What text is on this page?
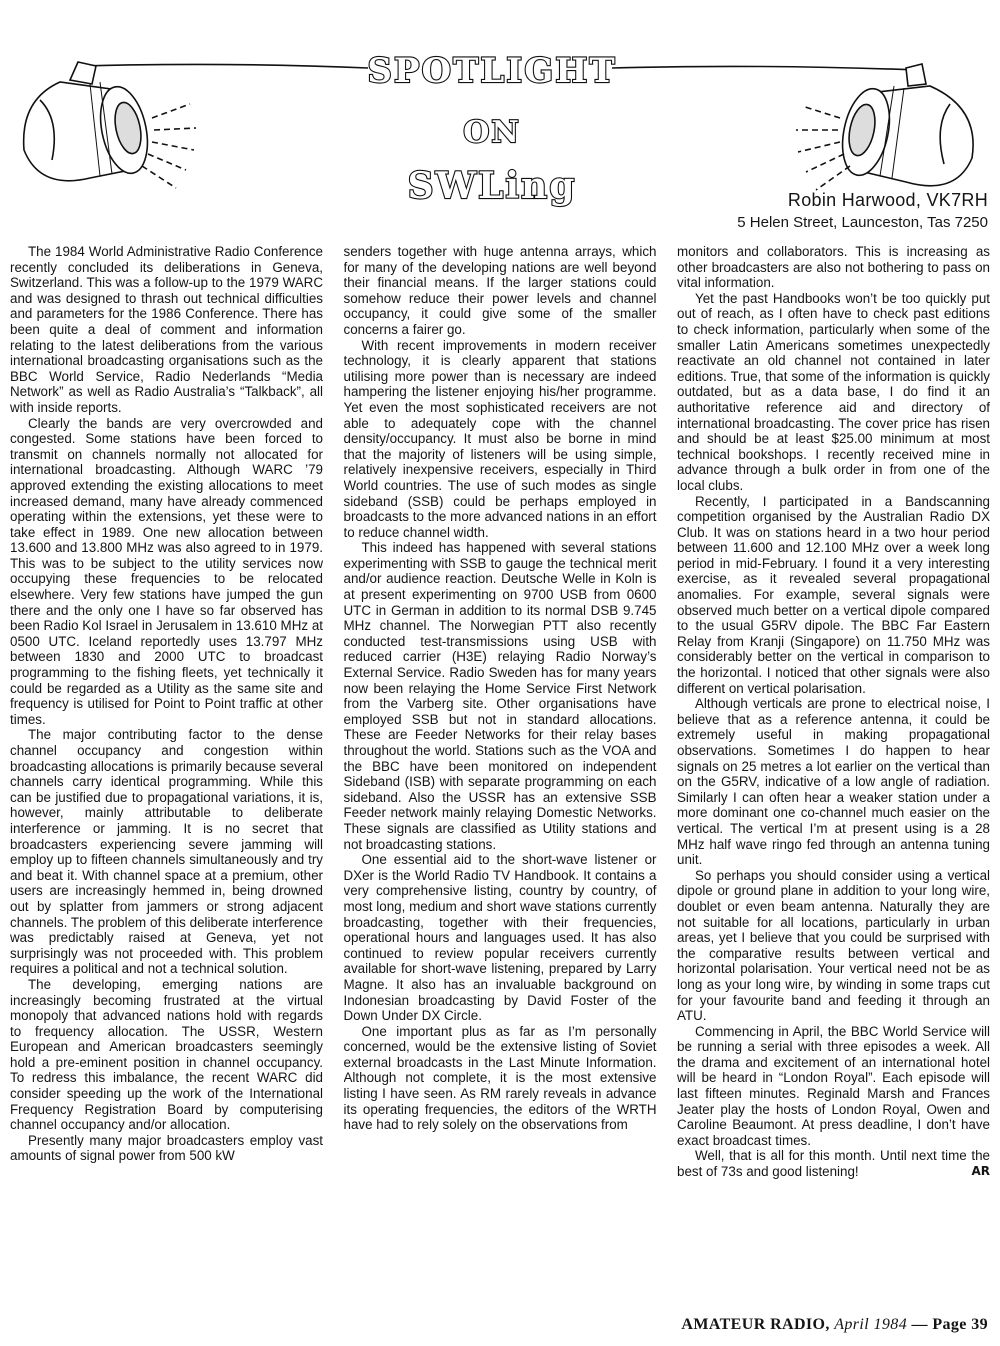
SPOTLIGHT
ON
SWLing	Robin Harwood, VK7RH
5 Helen Street, Launceston, Tas 7250

The 1984 World Administrative Radio Conference recently concluded its deliberations in Geneva, Switzerland. This was a follow-up to the 1979 WARC and was designed to thrash out technical difficulties and parameters for the 1986 Conference. There has been quite a deal of comment and information relating to the latest deliberations from the various international broadcasting organisations such as the BBC World Service, Radio Nederlands “Media Network” as well as Radio Australia’s “Talkback”, all with inside reports.

Clearly the bands are very overcrowded and congested. Some stations have been forced to transmit on channels normally not allocated for international broadcasting. Although WARC ’79 approved extending the existing allocations to meet increased demand, many have already commenced operating within the extensions, yet these were to take effect in 1989. One new allocation between 13.600 and 13.800 MHz was also agreed to in 1979. This was to be subject to the utility services now occupying these frequencies to be relocated elsewhere. Very few stations have jumped the gun there and the only one I have so far observed has been Radio Kol Israel in Jerusalem in 13.610 MHz at 0500 UTC. Iceland reportedly uses 13.797 MHz between 1830 and 2000 UTC to broadcast programming to the fishing fleets, yet technically it could be regarded as a Utility as the same site and frequency is utilised for Point to Point traffic at other times.

The major contributing factor to the dense channel occupancy and congestion within broadcasting allocations is primarily because several channels carry identical programming. While this can be justified due to propagational variations, it is, however, mainly attributable to deliberate interference or jamming. It is no secret that broadcasters experiencing severe jamming will employ up to fifteen channels simultaneously and try and beat it. With channel space at a premium, other users are increasingly hemmed in, being drowned out by splatter from jammers or strong adjacent channels. The problem of this deliberate interference was predictably raised at Geneva, yet not surprisingly was not proceeded with. This problem requires a political and not a technical solution.

The developing, emerging nations are increasingly becoming frustrated at the virtual monopoly that advanced nations hold with regards to frequency allocation. The USSR, Western European and American broadcasters seemingly hold a pre-eminent position in channel occupancy. To redress this imbalance, the recent WARC did consider speeding up the work of the International Frequency Registration Board by computerising channel occupancy and/or allocation.

Presently many major broadcasters employ vast amounts of signal power from 500 kW

senders together with huge antenna arrays, which for many of the developing nations are well beyond their financial means. If the larger stations could somehow reduce their power levels and channel occupancy, it could give some of the smaller concerns a fairer go.

With recent improvements in modern receiver technology, it is clearly apparent that stations utilising more power than is necessary are indeed hampering the listener enjoying his/her programme. Yet even the most sophisticated receivers are not able to adequately cope with the channel density/occupancy. It must also be borne in mind that the majority of listeners will be using simple, relatively inexpensive receivers, especially in Third World countries. The use of such modes as single sideband (SSB) could be perhaps employed in broadcasts to the more advanced nations in an effort to reduce channel width.

This indeed has happened with several stations experimenting with SSB to gauge the technical merit and/or audience reaction. Deutsche Welle in Koln is at present experimenting on 9700 USB from 0600 UTC in German in addition to its normal DSB 9.745 MHz channel. The Norwegian PTT also recently conducted test-transmissions using USB with reduced carrier (H3E) relaying Radio Norway’s External Service. Radio Sweden has for many years now been relaying the Home Service First Network from the Varberg site. Other organisations have employed SSB but not in standard allocations. These are Feeder Networks for their relay bases throughout the world. Stations such as the VOA and the BBC have been monitored on independent Sideband (ISB) with separate programming on each sideband. Also the USSR has an extensive SSB Feeder network mainly relaying Domestic Networks. These signals are classified as Utility stations and not broadcasting stations.

One essential aid to the short-wave listener or DXer is the World Radio TV Handbook. It contains a very comprehensive listing, country by country, of most long, medium and short wave stations currently broadcasting, together with their frequencies, operational hours and languages used. It has also continued to review popular receivers currently available for short-wave listening, prepared by Larry Magne. It also has an invaluable background on Indonesian broadcasting by David Foster of the Down Under DX Circle.

One important plus as far as I’m personally concerned, would be the extensive listing of Soviet external broadcasts in the Last Minute Information. Although not complete, it is the most extensive listing I have seen. As RM rarely reveals in advance its operating frequencies, the editors of the WRTH have had to rely solely on the observations from

monitors and collaborators. This is increasing as other broadcasters are also not bothering to pass on vital information.

Yet the past Handbooks won’t be too quickly put out of reach, as I often have to check past editions to check information, particularly when some of the smaller Latin Americans sometimes unexpectedly reactivate an old channel not contained in later editions. True, that some of the information is quickly outdated, but as a data base, I do find it an authoritative reference aid and directory of international broadcasting. The cover price has risen and should be at least $25.00 minimum at most technical bookshops. I recently received mine in advance through a bulk order in from one of the local clubs.

Recently, I participated in a Bandscanning competition organised by the Australian Radio DX Club. It was on stations heard in a two hour period between 11.600 and 12.100 MHz over a week long period in mid-February. I found it a very interesting exercise, as it revealed several propagational anomalies. For example, several signals were observed much better on a vertical dipole compared to the usual G5RV dipole. The BBC Far Eastern Relay from Kranji (Singapore) on 11.750 MHz was considerably better on the vertical in comparison to the horizontal. I noticed that other signals were also different on vertical polarisation.

Although verticals are prone to electrical noise, I believe that as a reference antenna, it could be extremely useful in making propagational observations. Sometimes I do happen to hear signals on 25 metres a lot earlier on the vertical than on the G5RV, indicative of a low angle of radiation. Similarly I can often hear a weaker station under a more dominant one co-channel much easier on the vertical. The vertical I’m at present using is a 28 MHz half wave ringo fed through an antenna tuning unit.

So perhaps you should consider using a vertical dipole or ground plane in addition to your long wire, doublet or even beam antenna. Naturally they are not suitable for all locations, particularly in urban areas, yet I believe that you could be surprised with the comparative results between vertical and horizontal polarisation. Your vertical need not be as long as your long wire, by winding in some traps cut for your favourite band and feeding it through an ATU.

Commencing in April, the BBC World Service will be running a serial with three episodes a week. All the drama and excitement of an international hotel will be heard in “London Royal”. Each episode will last fifteen minutes. Reginald Marsh and Frances Jeater play the hosts of London Royal, Owen and Caroline Beaumont. At press deadline, I don’t have exact broadcast times.

Well, that is all for this month. Until next time the best of 73s and good listening!	AR

AMATEUR RADIO, April 1984 — Page 39
